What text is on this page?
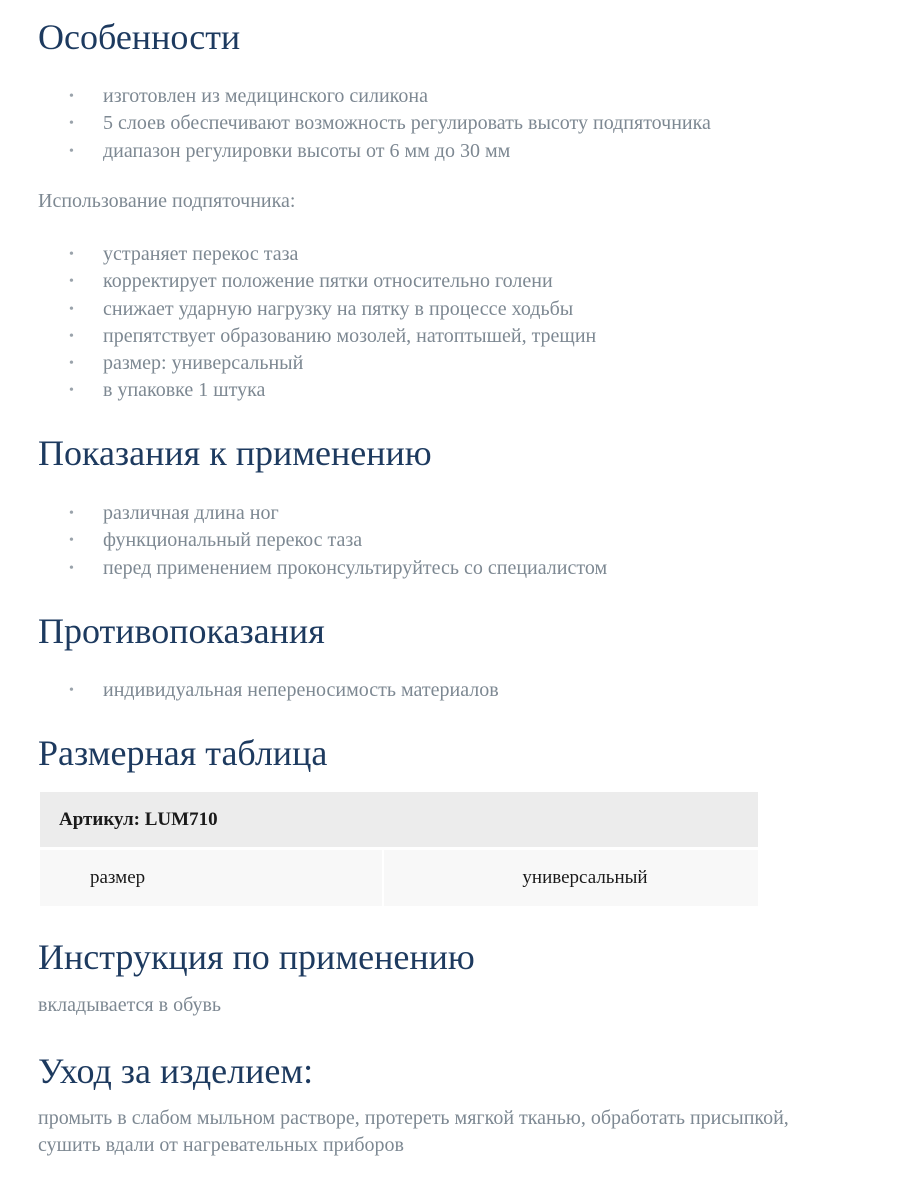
Особенности
• изготовлен из медицинского силикона
• 5 слоев обеспечивают возможность регулировать высоту подпяточника
• диапазон регулировки высоты от 6 мм до 30 мм

Использование подпяточника:

• устраняет перекос таза
• корректирует положение пятки относительно голени
• снижает ударную нагрузку на пятку в процессе ходьбы
• препятствует образованию мозолей, натоптышей, трещин
• размер: универсальный
• в упаковке 1 штука
Показания к применению
• различная длина ног
• функциональный перекос таза
• перед применением проконсультируйтесь со специалистом
Противопоказания
• индивидуальная непереносимость материалов
Размерная таблица
Артикул: LUM710
размер	универсальный
Инструкция по применению

вкладывается в обувь

Уход за изделием:

промыть в слабом мыльном растворе, протереть мягкой тканью, обработать присыпкой, сушить вдали от нагревательных приборов
